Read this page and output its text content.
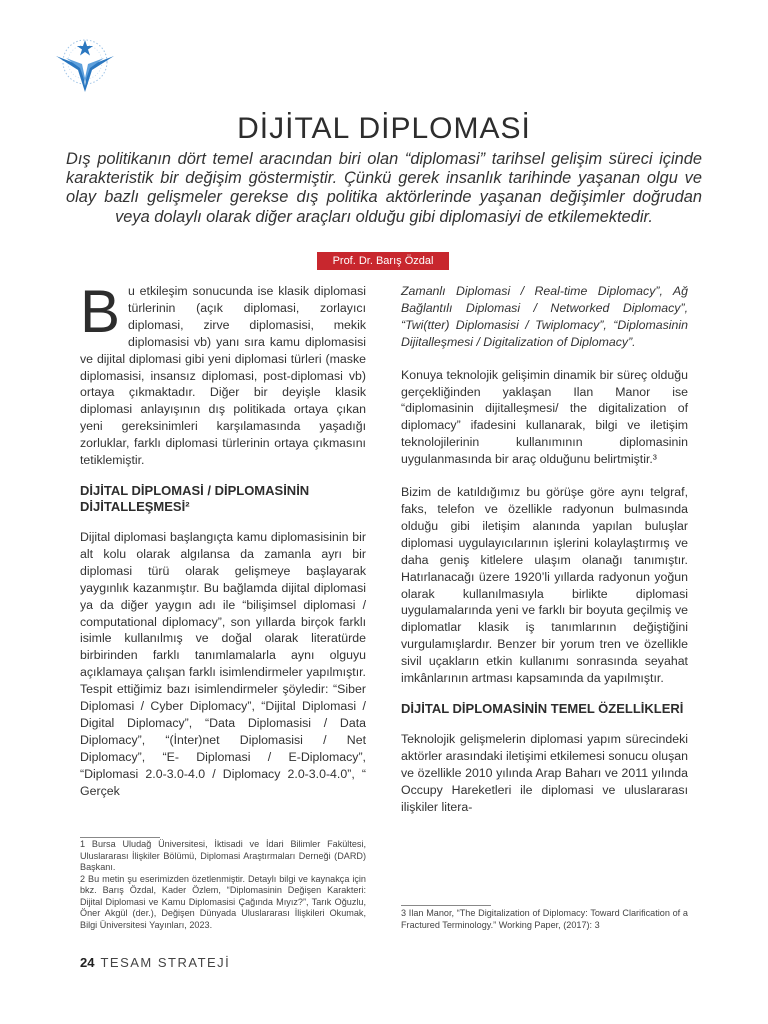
DİJİTAL DİPLOMASİ
Dış politikanın dört temel aracından biri olan “diplomasi” tarihsel gelişim süreci içinde karakteristik bir değişim göstermiştir. Çünkü gerek insanlık tarihinde yaşanan olgu ve olay bazlı gelişmeler gerekse dış politika aktörlerinde yaşanan değişimler doğrudan veya dolaylı olarak diğer araçları olduğu gibi diplomasiyi de etkilemektedir.
Prof. Dr. Barış Özdal

Bu etkileşim sonucunda ise klasik diplomasi türlerinin (açık diplomasi, zorlayıcı diplomasi, zirve diplomasisi, mekik diplomasisi vb) yanı sıra kamu diplomasisi ve dijital diplomasi gibi yeni diplomasi türleri (maske diplomasisi, insansız diplomasi, post-diplomasi vb) ortaya çıkmaktadır. Diğer bir deyişle klasik diplomasi anlayışının dış politikada ortaya çıkan yeni gereksinimleri karşılamasında yaşadığı zorluklar, farklı diplomasi türlerinin ortaya çıkmasını tetiklemiştir.

DİJİTAL DİPLOMASİ / DİPLOMASİNİN DİJİTALLEŞMESİ²

Dijital diplomasi başlangıçta kamu diplomasisinin bir alt kolu olarak algılansa da zamanla ayrı bir diplomasi türü olarak gelişmeye başlayarak yaygınlık kazanmıştır. Bu bağlamda dijital diplomasi ya da diğer yaygın adı ile “bilişimsel diplomasi / computational diplomacy”, son yıllarda birçok farklı isimle kullanılmış ve doğal olarak literatürde birbirinden farklı tanımlamalarla aynı olguyu açıklamaya çalışan farklı isimlendirmeler yapılmıştır. Tespit ettiğimiz bazı isimlendirmeler şöyledir: “Siber Diplomasi / Cyber Diplomacy”, “Dijital Diplomasi / Digital Diplomacy”, “Data Diplomasisi / Data Diplomacy”, “(İnter)net Diplomasisi / Net Diplomacy”, “E- Diplomasi / E-Diplomacy”, “Diplomasi 2.0-3.0-4.0 / Diplomacy 2.0-3.0-4.0”, “ Gerçek

1 Bursa Uludağ Üniversitesi, İktisadi ve İdari Bilimler Fakültesi, Uluslararası İlişkiler Bölümü, Diplomasi Araştırmaları Derneği (DARD) Başkanı.

2 Bu metin şu eserimizden özetlenmiştir. Detaylı bilgi ve kaynakça için bkz. Barış Özdal, Kader Özlem, “Diplomasinin Değişen Karakteri: Dijital Diplomasi ve Kamu Diplomasisi Çağında Mıyız?”, Tarık Oğuzlu, Öner Akgül (der.), Değişen Dünyada Uluslararası İlişkileri Okumak, Bilgi Üniversitesi Yayınları, 2023.

Zamanlı Diplomasi / Real-time Diplomacy”, Ağ Bağlantılı Diplomasi / Networked Diplomacy”, “Twi(tter) Diplomasisi / Twiplomacy”, “Diplomasinin Dijitalleşmesi / Digitalization of Diplomacy”.

Konuya teknolojik gelişimin dinamik bir süreç olduğu gerçekliğinden yaklaşan Ilan Manor ise “diplomasinin dijitalleşmesi/ the digitalization of diplomacy” ifadesini kullanarak, bilgi ve iletişim teknolojilerinin kullanımının diplomasinin uygulanmasında bir araç olduğunu belirtmiştir.³

Bizim de katıldığımız bu görüşe göre aynı telgraf, faks, telefon ve özellikle radyonun bulmasında olduğu gibi iletişim alanında yapılan buluşlar diplomasi uygulayıcılarının işlerini kolaylaştırmış ve daha geniş kitlelere ulaşım olanağı tanımıştır. Hatırlanacağı üzere 1920’li yıllarda radyonun yoğun olarak kullanılmasıyla birlikte diplomasi uygulamalarında yeni ve farklı bir boyuta geçilmiş ve diplomatlar klasik iş tanımlarının değiştiğini vurgulamışlardır. Benzer bir yorum tren ve özellikle sivil uçakların etkin kullanımı sonrasında seyahat imkânlarının artması kapsamında da yapılmıştır.

DİJİTAL DİPLOMASİNİN TEMEL ÖZELLİKLERİ

Teknolojik gelişmelerin diplomasi yapım sürecindeki aktörler arasındaki iletişimi etkilemesi sonucu oluşan ve özellikle 2010 yılında Arap Baharı ve 2011 yılında Occupy Hareketleri ile diplomasi ve uluslararası ilişkiler litera-

3 Ilan Manor, “The Digitalization of Diplomacy: Toward Clarification of a Fractured Terminology.” Working Paper, (2017): 3

24 TESAM STRATEJİ
